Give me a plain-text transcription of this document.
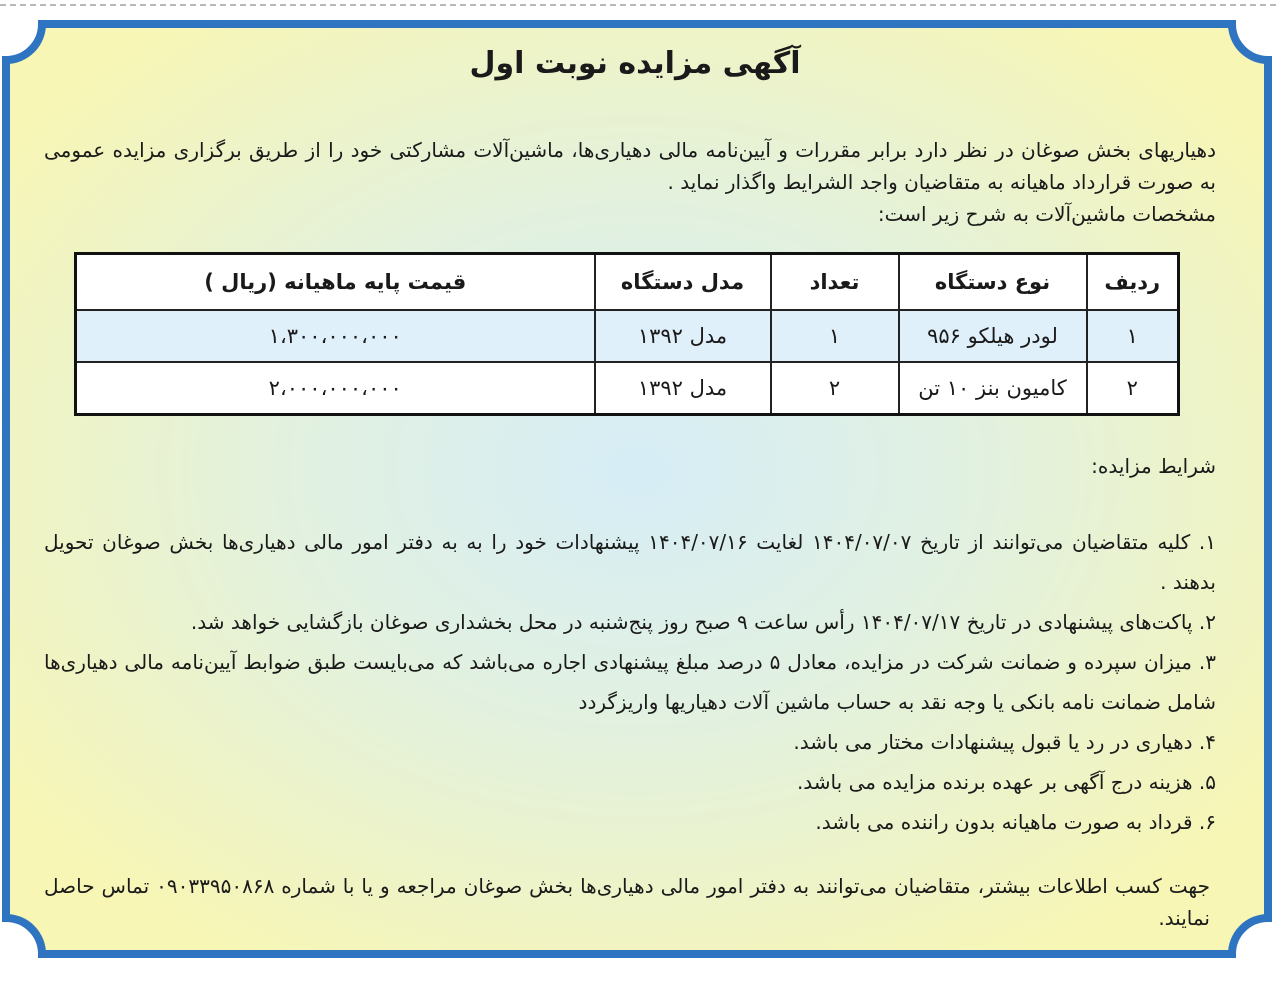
آگهی مزایده نوبت اول

دهیاریهای بخش صوغان در نظر دارد برابر مقررات و آیین‌نامه مالی دهیاری‌ها، ماشین‌آلات مشارکتی خود را از طریق برگزاری مزایده عمومی به صورت قرارداد ماهیانه به متقاضیان واجد الشرایط واگذار نماید .

مشخصات ماشین‌آلات به شرح زیر است:

ردیف	نوع دستگاه	تعداد	مدل دستگاه	قیمت پایه ماهیانه (ریال )
۱	لودر هیلکو ۹۵۶	۱	مدل ۱۳۹۲	۱،۳۰۰،۰۰۰،۰۰۰
۲	کامیون بنز ۱۰ تن	۲	مدل ۱۳۹۲	۲،۰۰۰،۰۰۰،۰۰۰
شرایط مزایده:

۱. کلیه متقاضیان می‌توانند از تاریخ ۱۴۰۴/۰۷/۰۷ لغایت ۱۴۰۴/۰۷/۱۶ پیشنهادات خود را به به دفتر امور مالی دهیاری‌ها بخش صوغان تحویل بدهند .

۲. پاکت‌های پیشنهادی در تاریخ ۱۴۰۴/۰۷/۱۷ رأس ساعت ۹ صبح روز پنج‌شنبه در محل بخشداری صوغان بازگشایی خواهد شد.

۳. میزان سپرده و ضمانت شرکت در مزایده، معادل ۵ درصد مبلغ پیشنهادی اجاره می‌باشد که می‌بایست طبق ضوابط آیین‌نامه مالی دهیاری‌ها شامل ضمانت نامه بانکی یا وجه نقد به حساب ماشین آلات دهیاریها واریزگردد

۴. دهیاری در رد یا قبول پیشنهادات مختار می باشد.

۵. هزینه درج آگهی بر عهده برنده مزایده می باشد.

۶. قرداد به صورت ماهیانه بدون راننده می باشد.

جهت کسب اطلاعات بیشتر، متقاضیان می‌توانند به دفتر امور مالی دهیاری‌ها بخش صوغان مراجعه و یا با شماره ۰۹۰۳۳۹۵۰۸۶۸ تماس حاصل نمایند.
